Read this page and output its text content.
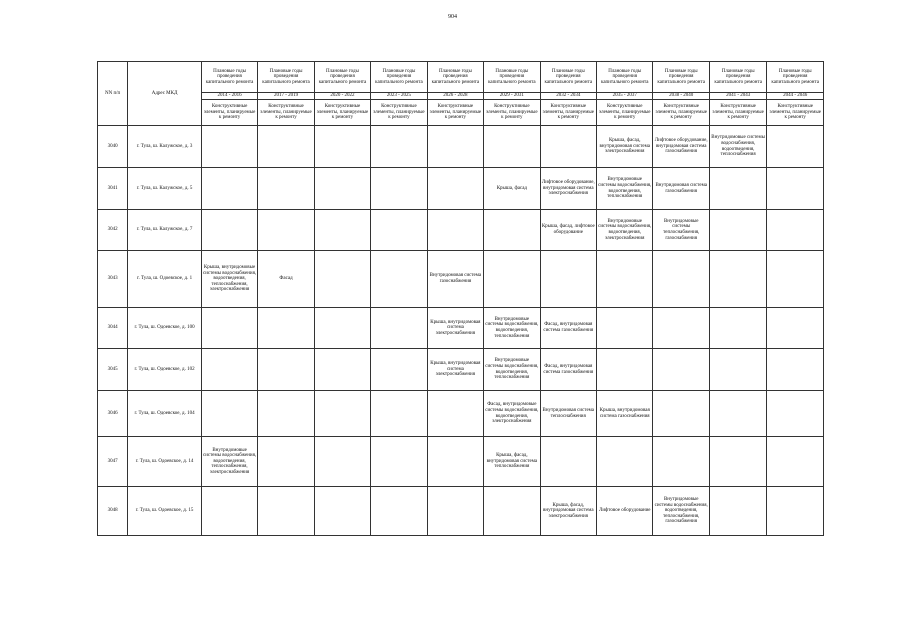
904
NN п/п	Адрес МКД	Плановые годы проведения капитального ремонта	Плановые годы проведения капитального ремонта	Плановые годы проведения капитального ремонта	Плановые годы проведения капитального ремонта	Плановые годы проведения капитального ремонта	Плановые годы проведения капитального ремонта	Плановые годы проведения капитального ремонта	Плановые годы проведения капитального ремонта	Плановые годы проведения капитального ремонта	Плановые годы проведения капитального ремонта	Плановые годы проведения капитального ремонта
		2014 - 2016	2017 - 2019	2020 - 2022	2023 - 2025	2026 - 2028	2029 - 2031	2032 - 2034	2035 - 2037	2038 - 2040	2041 - 2043	2044 - 2046
		Конструктивные элементы, планируемые к ремонту	Конструктивные элементы, планируемые к ремонту	Конструктивные элементы, планируемые к ремонту	Конструктивные элементы, планируемые к ремонту	Конструктивные элементы, планируемые к ремонту	Конструктивные элементы, планируемые к ремонту	Конструктивные элементы, планируемые к ремонту	Конструктивные элементы, планируемые к ремонту	Конструктивные элементы, планируемые к ремонту	Конструктивные элементы, планируемые к ремонту	Конструктивные элементы, планируемые к ремонту
3040	г. Тула, ш. Калужское, д. 3								Крыша, фасад, внутридомовая система электроснабжения	Лифтовое оборудование, внутридомовая система газоснабжения	Внутридомовые системы водоснабжения, водоотведения, теплоснабжения	
3041	г. Тула, ш. Калужское, д. 5						Крыша, фасад	Лифтовое оборудование, внутридомовая система электроснабжения	Внутридомовые системы водоснабжения, водоотведения, теплоснабжения	Внутридомовая система газоснабжения		
3042	г. Тула, ш. Калужское, д. 7							Крыша, фасад, лифтовое оборудование	Внутридомовые системы водоснабжения, водоотведения, электроснабжения	Внутридомовые системы теплоснабжения, газоснабжения		
3043	г. Тула, ш. Одоевское, д. 1	Крыша, внутридомовые системы водоснабжения, водоотведения, теплоснабжения, электроснабжения	Фасад			Внутридомовая система газоснабжения						
3044	г. Тула, ш. Одоевское, д. 100					Крыша, внутридомовая система электроснабжения	Внутридомовые системы водоснабжения, водоотведения, теплоснабжения	Фасад, внутридомовая система газоснабжения				
3045	г. Тула, ш. Одоевское, д. 102					Крыша, внутридомовая система электроснабжения	Внутридомовые системы водоснабжения, водоотведения, теплоснабжения	Фасад, внутридомовая система газоснабжения				
3046	г. Тула, ш. Одоевское, д. 104						Фасад, внутридомовые системы водоснабжения, водоотведения, электроснабжения	Внутридомовая система теплоснабжения	Крыша, внутридомовая система газоснабжения			
3047	г. Тула, ш. Одоевское, д. 14	Внутридомовые системы водоснабжения, водоотведения, теплоснабжения, электроснабжения					Крыша, фасад, внутридомовая система теплоснабжения					
3048	г. Тула, ш. Одоевское, д. 15							Крыша, фасад, внутридомовая система электроснабжения	Лифтовое оборудование	Внутридомовые системы водоснабжения, водоотведения, теплоснабжения, газоснабжения		
